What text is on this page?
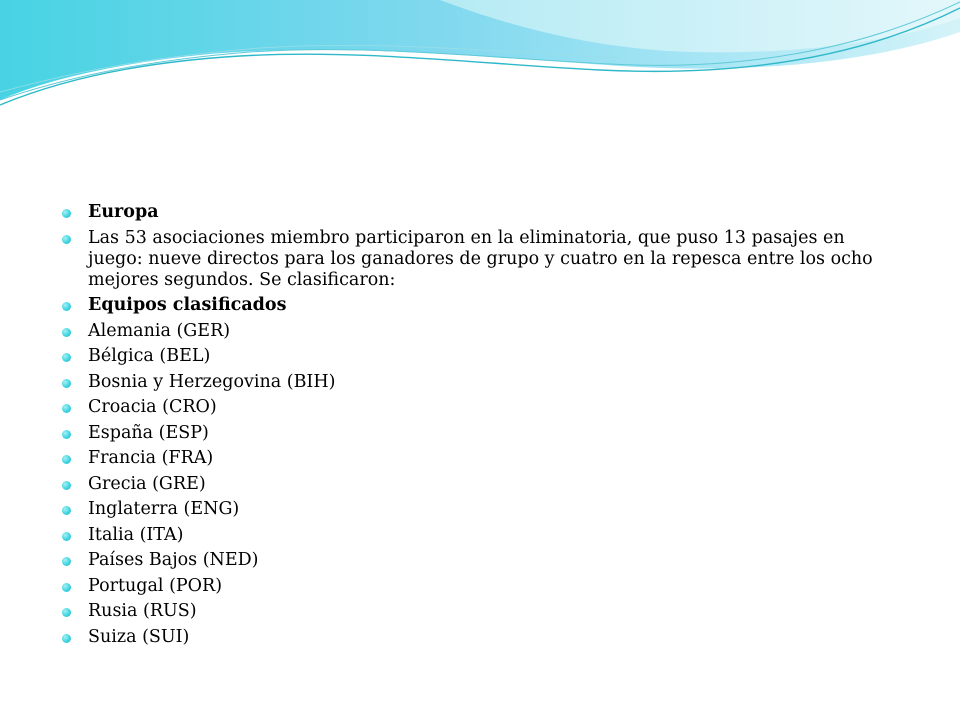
Europa
Las 53 asociaciones miembro participaron en la eliminatoria, que puso 13 pasajes en juego: nueve directos para los ganadores de grupo y cuatro en la repesca entre los ocho mejores segundos. Se clasificaron:
Equipos clasificados
Alemania (GER)
Bélgica (BEL)
Bosnia y Herzegovina (BIH)
Croacia (CRO)
España (ESP)
Francia (FRA)
Grecia (GRE)
Inglaterra (ENG)
Italia (ITA)
Países Bajos (NED)
Portugal (POR)
Rusia (RUS)
Suiza (SUI)
